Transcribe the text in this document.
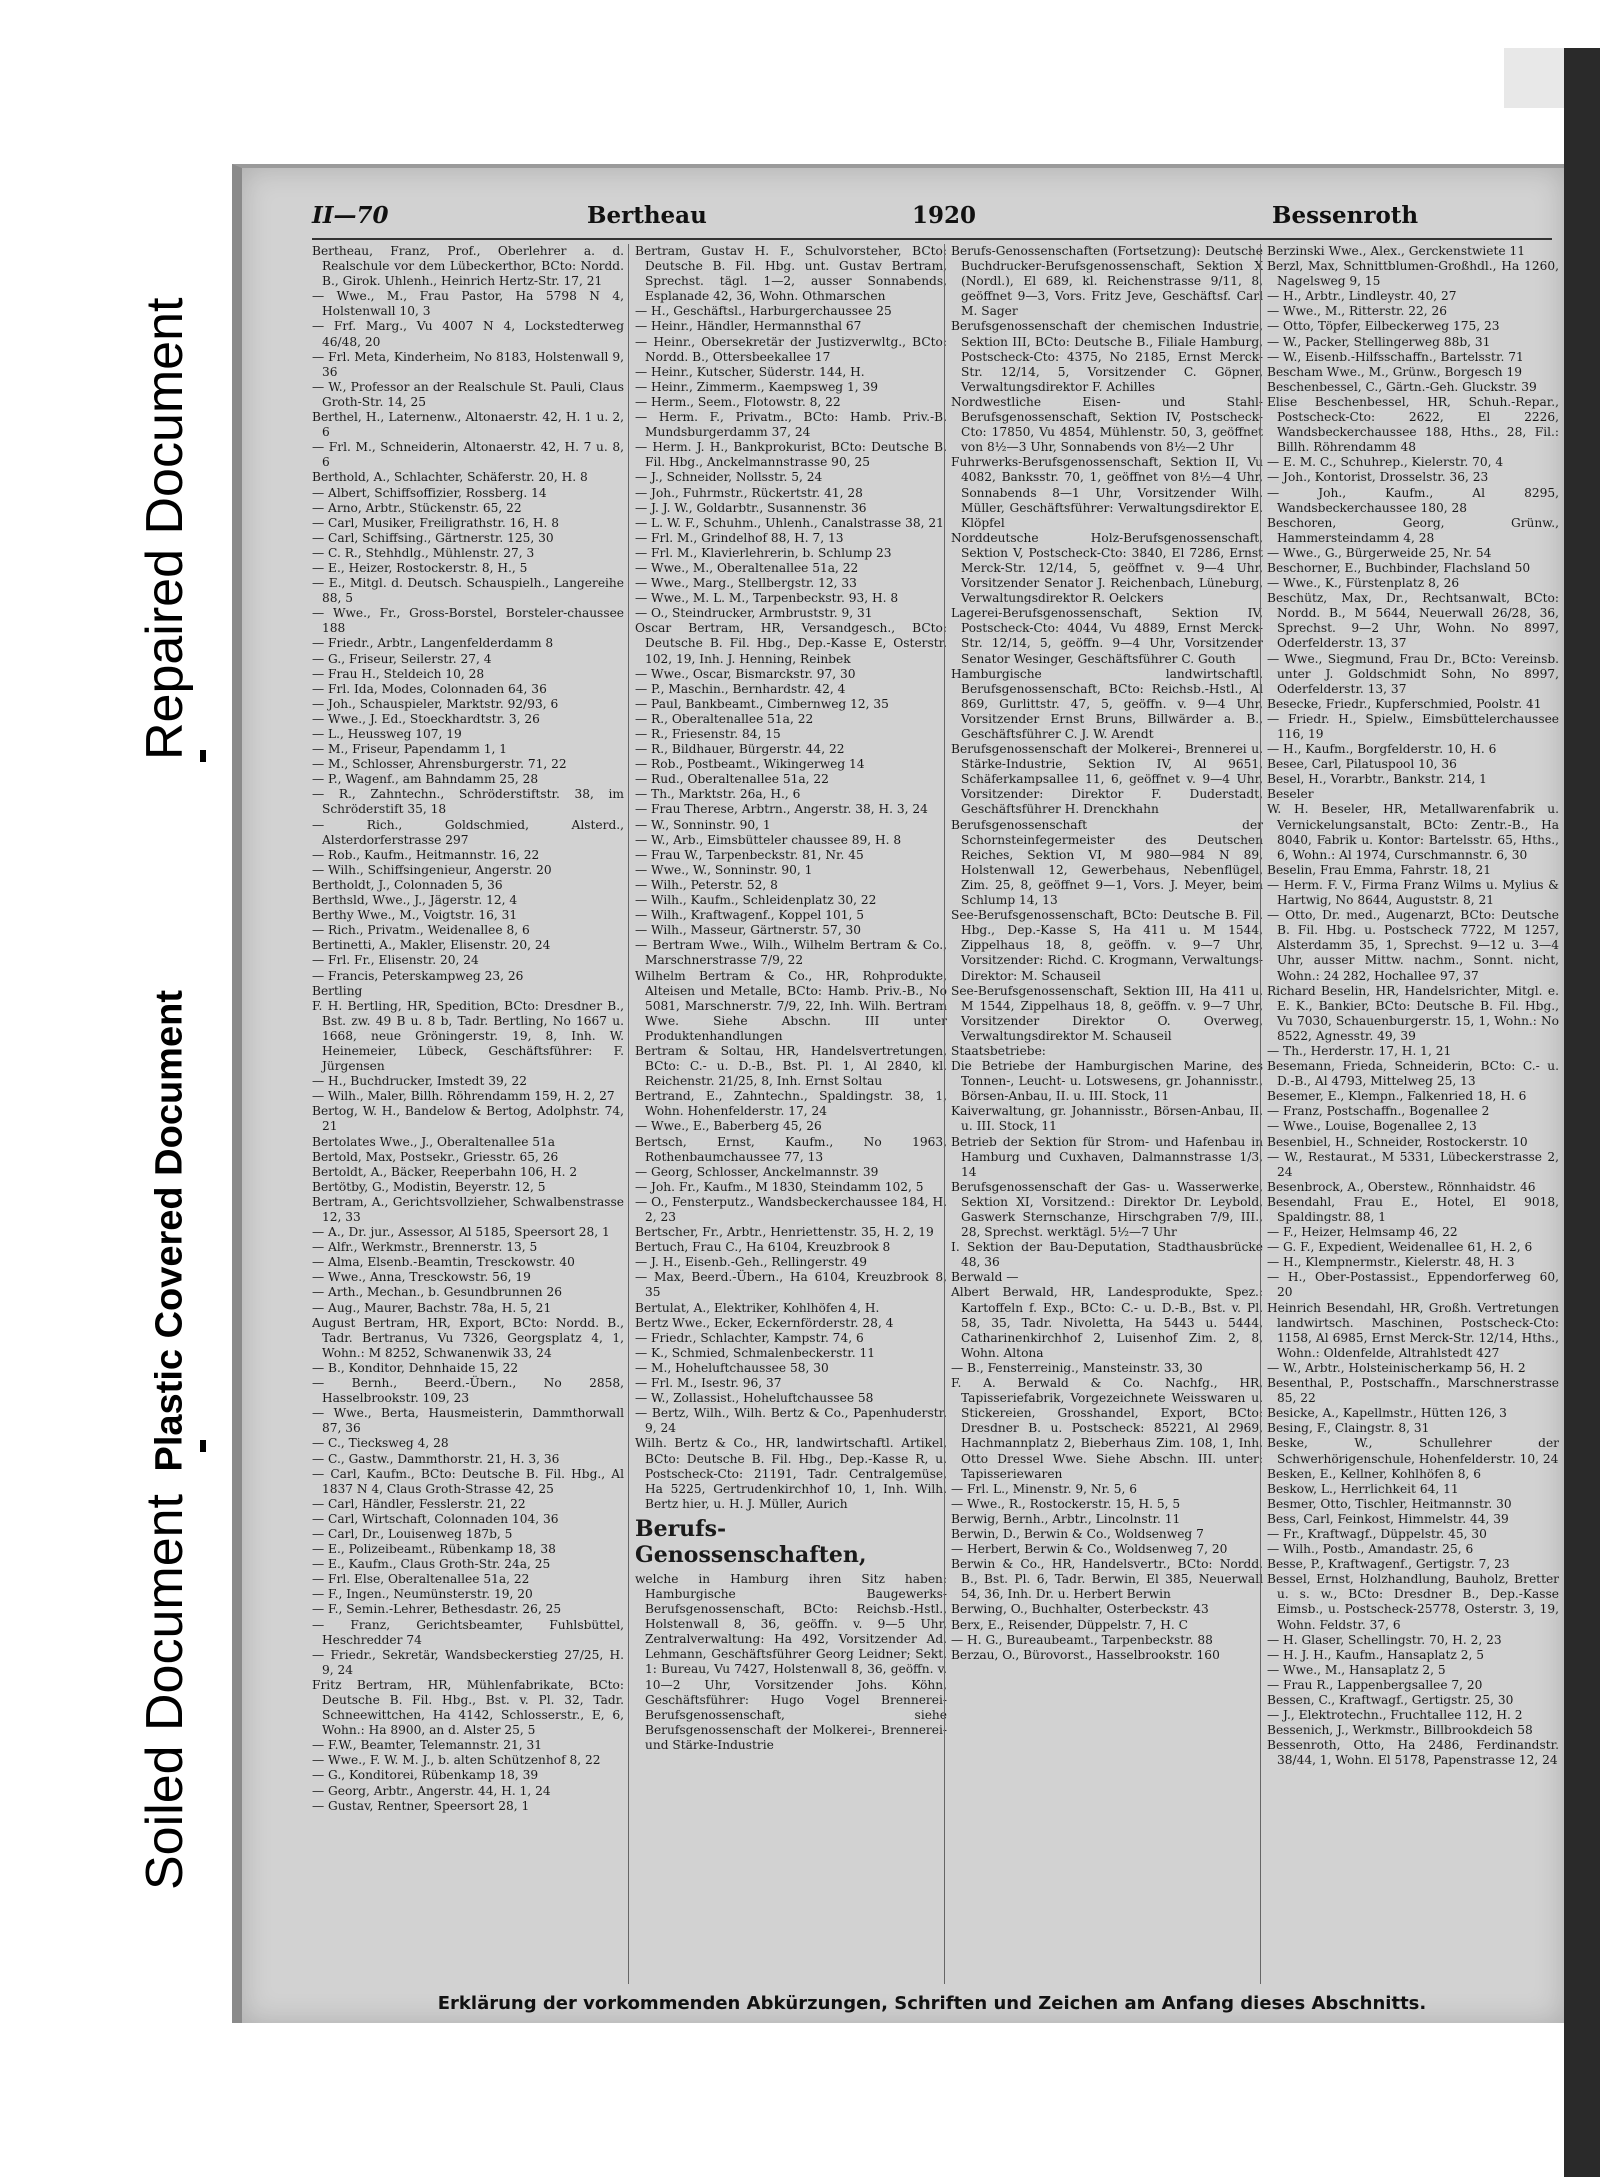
Soiled Document
Plastic Covered Document
Repaired Document
II—70	Bertheau	1920	Bessenroth

Bertheau, Franz, Prof., Oberlehrer a. d. Realschule vor dem Lübeckerthor, BCto: Nordd. B., Girok. Uhlenh., Heinrich Hertz-Str. 17, 21

— Wwe., M., Frau Pastor, Ha 5798 N 4, Holstenwall 10, 3

— Frf. Marg., Vu 4007 N 4, Lockstedterweg 46/48, 20

— Frl. Meta, Kinderheim, No 8183, Holstenwall 9, 36

— W., Professor an der Realschule St. Pauli, Claus Groth-Str. 14, 25

Berthel, H., Laternenw., Altonaerstr. 42, H. 1 u. 2, 6

— Frl. M., Schneiderin, Altonaerstr. 42, H. 7 u. 8, 6

Berthold, A., Schlachter, Schäferstr. 20, H. 8

— Albert, Schiffsoffizier, Rossberg. 14

— Arno, Arbtr., Stückenstr. 65, 22

— Carl, Musiker, Freiligrathstr. 16, H. 8

— Carl, Schiffsing., Gärtnerstr. 125, 30

— C. R., Stehhdlg., Mühlenstr. 27, 3

— E., Heizer, Rostockerstr. 8, H., 5

— E., Mitgl. d. Deutsch. Schauspielh., Langereihe 88, 5

— Wwe., Fr., Gross-Borstel, Borsteler-chaussee 188

— Friedr., Arbtr., Langenfelderdamm 8

— G., Friseur, Seilerstr. 27, 4

— Frau H., Steldeich 10, 28

— Frl. Ida, Modes, Colonnaden 64, 36

— Joh., Schauspieler, Marktstr. 92/93, 6

— Wwe., J. Ed., Stoeckhardtstr. 3, 26

— L., Heussweg 107, 19

— M., Friseur, Papendamm 1, 1

— M., Schlosser, Ahrensburgerstr. 71, 22

— P., Wagenf., am Bahndamm 25, 28

— R., Zahntechn., Schröderstiftstr. 38, im Schröderstift 35, 18

— Rich., Goldschmied, Alsterd., Alsterdorferstrasse 297

— Rob., Kaufm., Heitmannstr. 16, 22

— Wilh., Schiffsingenieur, Angerstr. 20

Bertholdt, J., Colonnaden 5, 36

Berthsld, Wwe., J., Jägerstr. 12, 4

Berthy Wwe., M., Voigtstr. 16, 31

— Rich., Privatm., Weidenallee 8, 6

Bertinetti, A., Makler, Elisenstr. 20, 24

— Frl. Fr., Elisenstr. 20, 24

— Francis, Peterskampweg 23, 26

Bertling

F. H. Bertling, HR, Spedition, BCto: Dresdner B., Bst. zw. 49 B u. 8 b, Tadr. Bertling, No 1667 u. 1668, neue Gröningerstr. 19, 8, Inh. W. Heinemeier, Lübeck, Geschäftsführer: F. Jürgensen

— H., Buchdrucker, Imstedt 39, 22

— Wilh., Maler, Billh. Röhrendamm 159, H. 2, 27

Bertog, W. H., Bandelow & Bertog, Adolphstr. 74, 21

Bertolates Wwe., J., Oberaltenallee 51a

Bertold, Max, Postsekr., Griesstr. 65, 26

Bertoldt, A., Bäcker, Reeperbahn 106, H. 2

Bertötby, G., Modistin, Beyerstr. 12, 5

Bertram, A., Gerichtsvollzieher, Schwalbenstrasse 12, 33

— A., Dr. jur., Assessor, Al 5185, Speersort 28, 1

— Alfr., Werkmstr., Brennerstr. 13, 5

— Alma, Elsenb.-Beamtin, Tresckowstr. 40

— Wwe., Anna, Tresckowstr. 56, 19

— Arth., Mechan., b. Gesundbrunnen 26

— Aug., Maurer, Bachstr. 78a, H. 5, 21

August Bertram, HR, Export, BCto: Nordd. B., Tadr. Bertranus, Vu 7326, Georgsplatz 4, 1, Wohn.: M 8252, Schwanenwik 33, 24

— B., Konditor, Dehnhaide 15, 22

— Bernh., Beerd.-Übern., No 2858, Hasselbrookstr. 109, 23

— Wwe., Berta, Hausmeisterin, Dammthorwall 87, 36

— C., Tiecksweg 4, 28

— C., Gastw., Dammthorstr. 21, H. 3, 36

— Carl, Kaufm., BCto: Deutsche B. Fil. Hbg., Al 1837 N 4, Claus Groth-Strasse 42, 25

— Carl, Händler, Fesslerstr. 21, 22

— Carl, Wirtschaft, Colonnaden 104, 36

— Carl, Dr., Louisenweg 187b, 5

— E., Polizeibeamt., Rübenkamp 18, 38

— E., Kaufm., Claus Groth-Str. 24a, 25

— Frl. Else, Oberaltenallee 51a, 22

— F., Ingen., Neumünsterstr. 19, 20

— F., Semin.-Lehrer, Bethesdastr. 26, 25

— Franz, Gerichtsbeamter, Fuhlsbüttel, Heschredder 74

— Friedr., Sekretär, Wandsbeckerstieg 27/25, H. 9, 24

Fritz Bertram, HR, Mühlenfabrikate, BCto: Deutsche B. Fil. Hbg., Bst. v. Pl. 32, Tadr. Schneewittchen, Ha 4142, Schlosserstr., E, 6, Wohn.: Ha 8900, an d. Alster 25, 5

— F.W., Beamter, Telemannstr. 21, 31

— Wwe., F. W. M. J., b. alten Schützenhof 8, 22

— G., Konditorei, Rübenkamp 18, 39

— Georg, Arbtr., Angerstr. 44, H. 1, 24

— Gustav, Rentner, Speersort 28, 1

Bertram, Gustav H. F., Schulvorsteher, BCto: Deutsche B. Fil. Hbg. unt. Gustav Bertram, Sprechst. tägl. 1—2, ausser Sonnabends, Esplanade 42, 36, Wohn. Othmarschen

— H., Geschäftsl., Harburgerchaussee 25

— Heinr., Händler, Hermannsthal 67

— Heinr., Obersekretär der Justizverwltg., BCto: Nordd. B., Ottersbeekallee 17

— Heinr., Kutscher, Süderstr. 144, H.

— Heinr., Zimmerm., Kaempsweg 1, 39

— Herm., Seem., Flotowstr. 8, 22

— Herm. F., Privatm., BCto: Hamb. Priv.-B. Mundsburgerdamm 37, 24

— Herm. J. H., Bankprokurist, BCto: Deutsche B. Fil. Hbg., Anckelmannstrasse 90, 25

— J., Schneider, Nollsstr. 5, 24

— Joh., Fuhrmstr., Rückertstr. 41, 28

— J. J. W., Goldarbtr., Susannenstr. 36

— L. W. F., Schuhm., Uhlenh., Canalstrasse 38, 21

— Frl. M., Grindelhof 88, H. 7, 13

— Frl. M., Klavierlehrerin, b. Schlump 23

— Wwe., M., Oberaltenallee 51a, 22

— Wwe., Marg., Stellbergstr. 12, 33

— Wwe., M. L. M., Tarpenbeckstr. 93, H. 8

— O., Steindrucker, Armbruststr. 9, 31

Oscar Bertram, HR, Versandgesch., BCto: Deutsche B. Fil. Hbg., Dep.-Kasse E, Osterstr. 102, 19, Inh. J. Henning, Reinbek

— Wwe., Oscar, Bismarckstr. 97, 30

— P., Maschin., Bernhardstr. 42, 4

— Paul, Bankbeamt., Cimbernweg 12, 35

— R., Oberaltenallee 51a, 22

— R., Friesenstr. 84, 15

— R., Bildhauer, Bürgerstr. 44, 22

— Rob., Postbeamt., Wikingerweg 14

— Rud., Oberaltenallee 51a, 22

— Th., Marktstr. 26a, H., 6

— Frau Therese, Arbtrn., Angerstr. 38, H. 3, 24

— W., Sonninstr. 90, 1

— W., Arb., Eimsbütteler chaussee 89, H. 8

— Frau W., Tarpenbeckstr. 81, Nr. 45

— Wwe., W., Sonninstr. 90, 1

— Wilh., Peterstr. 52, 8

— Wilh., Kaufm., Schleidenplatz 30, 22

— Wilh., Kraftwagenf., Koppel 101, 5

— Wilh., Masseur, Gärtnerstr. 57, 30

— Bertram Wwe., Wilh., Wilhelm Bertram & Co., Marschnerstrasse 7/9, 22

Wilhelm Bertram & Co., HR, Rohprodukte, Alteisen und Metalle, BCto: Hamb. Priv.-B., No 5081, Marschnerstr. 7/9, 22, Inh. Wilh. Bertram Wwe. Siehe Abschn. III unter Produktenhandlungen

Bertram & Soltau, HR, Handelsvertretungen, BCto: C.- u. D.-B., Bst. Pl. 1, Al 2840, kl. Reichenstr. 21/25, 8, Inh. Ernst Soltau

Bertrand, E., Zahntechn., Spaldingstr. 38, 1, Wohn. Hohenfelderstr. 17, 24

— Wwe., E., Baberberg 45, 26

Bertsch, Ernst, Kaufm., No 1963, Rothenbaumchaussee 77, 13

— Georg, Schlosser, Anckelmannstr. 39

— Joh. Fr., Kaufm., M 1830, Steindamm 102, 5

— O., Fensterputz., Wandsbeckerchaussee 184, H. 2, 23

Bertscher, Fr., Arbtr., Henriettenstr. 35, H. 2, 19

Bertuch, Frau C., Ha 6104, Kreuzbrook 8

— J. H., Eisenb.-Geh., Rellingerstr. 49

— Max, Beerd.-Übern., Ha 6104, Kreuzbrook 8, 35

Bertulat, A., Elektriker, Kohlhöfen 4, H.

Bertz Wwe., Ecker, Eckernförderstr. 28, 4

— Friedr., Schlachter, Kampstr. 74, 6

— K., Schmied, Schmalenbeckerstr. 11

— M., Hoheluftchaussee 58, 30

— Frl. M., Isestr. 96, 37

— W., Zollassist., Hoheluftchaussee 58

— Bertz, Wilh., Wilh. Bertz & Co., Papenhuderstr. 9, 24

Wilh. Bertz & Co., HR, landwirtschaftl. Artikel, BCto: Deutsche B. Fil. Hbg., Dep.-Kasse R, u. Postscheck-Cto: 21191, Tadr. Centralgemüse, Ha 5225, Gertrudenkirchhof 10, 1, Inh. Wilh. Bertz hier, u. H. J. Müller, Aurich

Berufs-Genossenschaften,

welche in Hamburg ihren Sitz haben: Hamburgische Baugewerks-Berufsgenossenschaft, BCto: Reichsb.-Hstl., Holstenwall 8, 36, geöffn. v. 9—5 Uhr, Zentralverwaltung: Ha 492, Vorsitzender Ad. Lehmann, Geschäftsführer Georg Leidner; Sekt. 1: Bureau, Vu 7427, Holstenwall 8, 36, geöffn. v. 10—2 Uhr, Vorsitzender Johs. Köhn, Geschäftsführer: Hugo Vogel Brennerei-Berufsgenossenschaft, siehe Berufsgenossenschaft der Molkerei-, Brennerei- und Stärke-Industrie

Berufs-Genossenschaften (Fortsetzung): Deutsche Buchdrucker-Berufsgenossenschaft, Sektion X (Nordl.), El 689, kl. Reichenstrasse 9/11, 8, geöffnet 9—3, Vors. Fritz Jeve, Geschäftsf. Carl M. Sager

Berufsgenossenschaft der chemischen Industrie, Sektion III, BCto: Deutsche B., Filiale Hamburg, Postscheck-Cto: 4375, No 2185, Ernst Merck-Str. 12/14, 5, Vorsitzender C. Göpner, Verwaltungsdirektor F. Achilles

Nordwestliche Eisen- und Stahl-Berufsgenossenschaft, Sektion IV, Postscheck-Cto: 17850, Vu 4854, Mühlenstr. 50, 3, geöffnet von 8½—3 Uhr, Sonnabends von 8½—2 Uhr

Fuhrwerks-Berufsgenossenschaft, Sektion II, Vu 4082, Banksstr. 70, 1, geöffnet von 8½—4 Uhr, Sonnabends 8—1 Uhr, Vorsitzender Wilh. Müller, Geschäftsführer: Verwaltungsdirektor E. Klöpfel

Norddeutsche Holz-Berufsgenossenschaft, Sektion V, Postscheck-Cto: 3840, El 7286, Ernst Merck-Str. 12/14, 5, geöffnet v. 9—4 Uhr, Vorsitzender Senator J. Reichenbach, Lüneburg, Verwaltungsdirektor R. Oelckers

Lagerei-Berufsgenossenschaft, Sektion IV, Postscheck-Cto: 4044, Vu 4889, Ernst Merck-Str. 12/14, 5, geöffn. 9—4 Uhr, Vorsitzender Senator Wesinger, Geschäftsführer C. Gouth

Hamburgische landwirtschaftl. Berufsgenossenschaft, BCto: Reichsb.-Hstl., Al 869, Gurlittstr. 47, 5, geöffn. v. 9—4 Uhr, Vorsitzender Ernst Bruns, Billwärder a. B., Geschäftsführer C. J. W. Arendt

Berufsgenossenschaft der Molkerei-, Brennerei u. Stärke-Industrie, Sektion IV, Al 9651, Schäferkampsallee 11, 6, geöffnet v. 9—4 Uhr, Vorsitzender: Direktor F. Duderstadt, Geschäftsführer H. Drenckhahn

Berufsgenossenschaft der Schornsteinfegermeister des Deutschen Reiches, Sektion VI, M 980—984 N 89, Holstenwall 12, Gewerbehaus, Nebenflügel, Zim. 25, 8, geöffnet 9—1, Vors. J. Meyer, beim Schlump 14, 13

See-Berufsgenossenschaft, BCto: Deutsche B. Fil. Hbg., Dep.-Kasse S, Ha 411 u. M 1544, Zippelhaus 18, 8, geöffn. v. 9—7 Uhr, Vorsitzender: Richd. C. Krogmann, Verwaltungs-Direktor: M. Schauseil

See-Berufsgenossenschaft, Sektion III, Ha 411 u. M 1544, Zippelhaus 18, 8, geöffn. v. 9—7 Uhr, Vorsitzender Direktor O. Overweg, Verwaltungsdirektor M. Schauseil

Staatsbetriebe:

Die Betriebe der Hamburgischen Marine, des Tonnen-, Leucht- u. Lotswesens, gr. Johannisstr., Börsen-Anbau, II. u. III. Stock, 11

Kaiverwaltung, gr. Johannisstr., Börsen-Anbau, II. u. III. Stock, 11

Betrieb der Sektion für Strom- und Hafenbau in Hamburg und Cuxhaven, Dalmannstrasse 1/3, 14

Berufsgenossenschaft der Gas- u. Wasserwerke, Sektion XI, Vorsitzend.: Direktor Dr. Leybold, Gaswerk Sternschanze, Hirschgraben 7/9, III., 28, Sprechst. werktägl. 5½—7 Uhr

I. Sektion der Bau-Deputation, Stadthausbrücke 48, 36

Berwald —

Albert Berwald, HR, Landesprodukte, Spez.: Kartoffeln f. Exp., BCto: C.- u. D.-B., Bst. v. Pl. 58, 35, Tadr. Nivoletta, Ha 5443 u. 5444, Catharinenkirchhof 2, Luisenhof Zim. 2, 8, Wohn. Altona

— B., Fensterreinig., Mansteinstr. 33, 30

F. A. Berwald & Co. Nachfg., HR, Tapisseriefabrik, Vorgezeichnete Weisswaren u. Stickereien, Grosshandel, Export, BCto: Dresdner B. u. Postscheck: 85221, Al 2969, Hachmannplatz 2, Bieberhaus Zim. 108, 1, Inh. Otto Dressel Wwe. Siehe Abschn. III. unter: Tapisseriewaren

— Frl. L., Minenstr. 9, Nr. 5, 6

— Wwe., R., Rostockerstr. 15, H. 5, 5

Berwig, Bernh., Arbtr., Lincolnstr. 11

Berwin, D., Berwin & Co., Woldsenweg 7

— Herbert, Berwin & Co., Woldsenweg 7, 20

Berwin & Co., HR, Handelsvertr., BCto: Nordd. B., Bst. Pl. 6, Tadr. Berwin, El 385, Neuerwall 54, 36, Inh. Dr. u. Herbert Berwin

Berwing, O., Buchhalter, Osterbeckstr. 43

Berx, E., Reisender, Düppelstr. 7, H. C

— H. G., Bureaubeamt., Tarpenbeckstr. 88

Berzau, O., Bürovorst., Hasselbrookstr. 160

Berzinski Wwe., Alex., Gerckenstwiete 11

Berzl, Max, Schnittblumen-Großhdl., Ha 1260, Nagelsweg 9, 15

— H., Arbtr., Lindleystr. 40, 27

— Wwe., M., Ritterstr. 22, 26

— Otto, Töpfer, Eilbeckerweg 175, 23

— W., Packer, Stellingerweg 88b, 31

— W., Eisenb.-Hilfsschaffn., Bartelsstr. 71

Bescham Wwe., M., Grünw., Borgesch 19

Beschenbessel, C., Gärtn.-Geh. Gluckstr. 39

Elise Beschenbessel, HR, Schuh.-Repar., Postscheck-Cto: 2622, El 2226, Wandsbeckerchaussee 188, Hths., 28, Fil.: Billh. Röhrendamm 48

— E. M. C., Schuhrep., Kielerstr. 70, 4

— Joh., Kontorist, Drosselstr. 36, 23

— Joh., Kaufm., Al 8295, Wandsbeckerchaussee 180, 28

Beschoren, Georg, Grünw., Hammersteindamm 4, 28

— Wwe., G., Bürgerweide 25, Nr. 54

Beschorner, E., Buchbinder, Flachsland 50

— Wwe., K., Fürstenplatz 8, 26

Beschütz, Max, Dr., Rechtsanwalt, BCto: Nordd. B., M 5644, Neuerwall 26/28, 36, Sprechst. 9—2 Uhr, Wohn. No 8997, Oderfelderstr. 13, 37

— Wwe., Siegmund, Frau Dr., BCto: Vereinsb. unter J. Goldschmidt Sohn, No 8997, Oderfelderstr. 13, 37

Besecke, Friedr., Kupferschmied, Poolstr. 41

— Friedr. H., Spielw., Eimsbüttelerchaussee 116, 19

— H., Kaufm., Borgfelderstr. 10, H. 6

Besee, Carl, Pilatuspool 10, 36

Besel, H., Vorarbtr., Bankstr. 214, 1

Beseler

W. H. Beseler, HR, Metallwarenfabrik u. Vernickelungsanstalt, BCto: Zentr.-B., Ha 8040, Fabrik u. Kontor: Bartelsstr. 65, Hths., 6, Wohn.: Al 1974, Curschmannstr. 6, 30

Beselin, Frau Emma, Fahrstr. 18, 21

— Herm. F. V., Firma Franz Wilms u. Mylius & Hartwig, No 8644, Auguststr. 8, 21

— Otto, Dr. med., Augenarzt, BCto: Deutsche B. Fil. Hbg. u. Postscheck 7722, M 1257, Alsterdamm 35, 1, Sprechst. 9—12 u. 3—4 Uhr, ausser Mittw. nachm., Sonnt. nicht, Wohn.: 24 282, Hochallee 97, 37

Richard Beselin, HR, Handelsrichter, Mitgl. e. E. K., Bankier, BCto: Deutsche B. Fil. Hbg., Vu 7030, Schauenburgerstr. 15, 1, Wohn.: No 8522, Agnesstr. 49, 39

— Th., Herderstr. 17, H. 1, 21

Besemann, Frieda, Schneiderin, BCto: C.- u. D.-B., Al 4793, Mittelweg 25, 13

Besemer, E., Klempn., Falkenried 18, H. 6

— Franz, Postschaffn., Bogenallee 2

— Wwe., Louise, Bogenallee 2, 13

Besenbiel, H., Schneider, Rostockerstr. 10

— W., Restaurat., M 5331, Lübeckerstrasse 2, 24

Besenbrock, A., Oberstew., Rönnhaidstr. 46

Besendahl, Frau E., Hotel, El 9018, Spaldingstr. 88, 1

— F., Heizer, Helmsamp 46, 22

— G. F., Expedient, Weidenallee 61, H. 2, 6

— H., Klempnermstr., Kielerstr. 48, H. 3

— H., Ober-Postassist., Eppendorferweg 60, 20

Heinrich Besendahl, HR, Großh. Vertretungen landwirtsch. Maschinen, Postscheck-Cto: 1158, Al 6985, Ernst Merck-Str. 12/14, Hths., Wohn.: Oldenfelde, Altrahlstedt 427

— W., Arbtr., Holsteinischerkamp 56, H. 2

Besenthal, P., Postschaffn., Marschnerstrasse 85, 22

Besicke, A., Kapellmstr., Hütten 126, 3

Besing, F., Claingstr. 8, 31

Beske, W., Schullehrer der Schwerhörigenschule, Hohenfelderstr. 10, 24

Besken, E., Kellner, Kohlhöfen 8, 6

Beskow, L., Herrlichkeit 64, 11

Besmer, Otto, Tischler, Heitmannstr. 30

Bess, Carl, Feinkost, Himmelstr. 44, 39

— Fr., Kraftwagf., Düppelstr. 45, 30

— Wilh., Postb., Amandastr. 25, 6

Besse, P., Kraftwagenf., Gertigstr. 7, 23

Bessel, Ernst, Holzhandlung, Bauholz, Bretter u. s. w., BCto: Dresdner B., Dep.-Kasse Eimsb., u. Postscheck-25778, Osterstr. 3, 19, Wohn. Feldstr. 37, 6

— H. Glaser, Schellingstr. 70, H. 2, 23

— H. J. H., Kaufm., Hansaplatz 2, 5

— Wwe., M., Hansaplatz 2, 5

— Frau R., Lappenbergsallee 7, 20

Bessen, C., Kraftwagf., Gertigstr. 25, 30

— J., Elektrotechn., Fruchtallee 112, H. 2

Bessenich, J., Werkmstr., Billbrookdeich 58

Bessenroth, Otto, Ha 2486, Ferdinandstr. 38/44, 1, Wohn. El 5178, Papenstrasse 12, 24

Erklärung der vorkommenden Abkürzungen, Schriften und Zeichen am Anfang dieses Abschnitts.
